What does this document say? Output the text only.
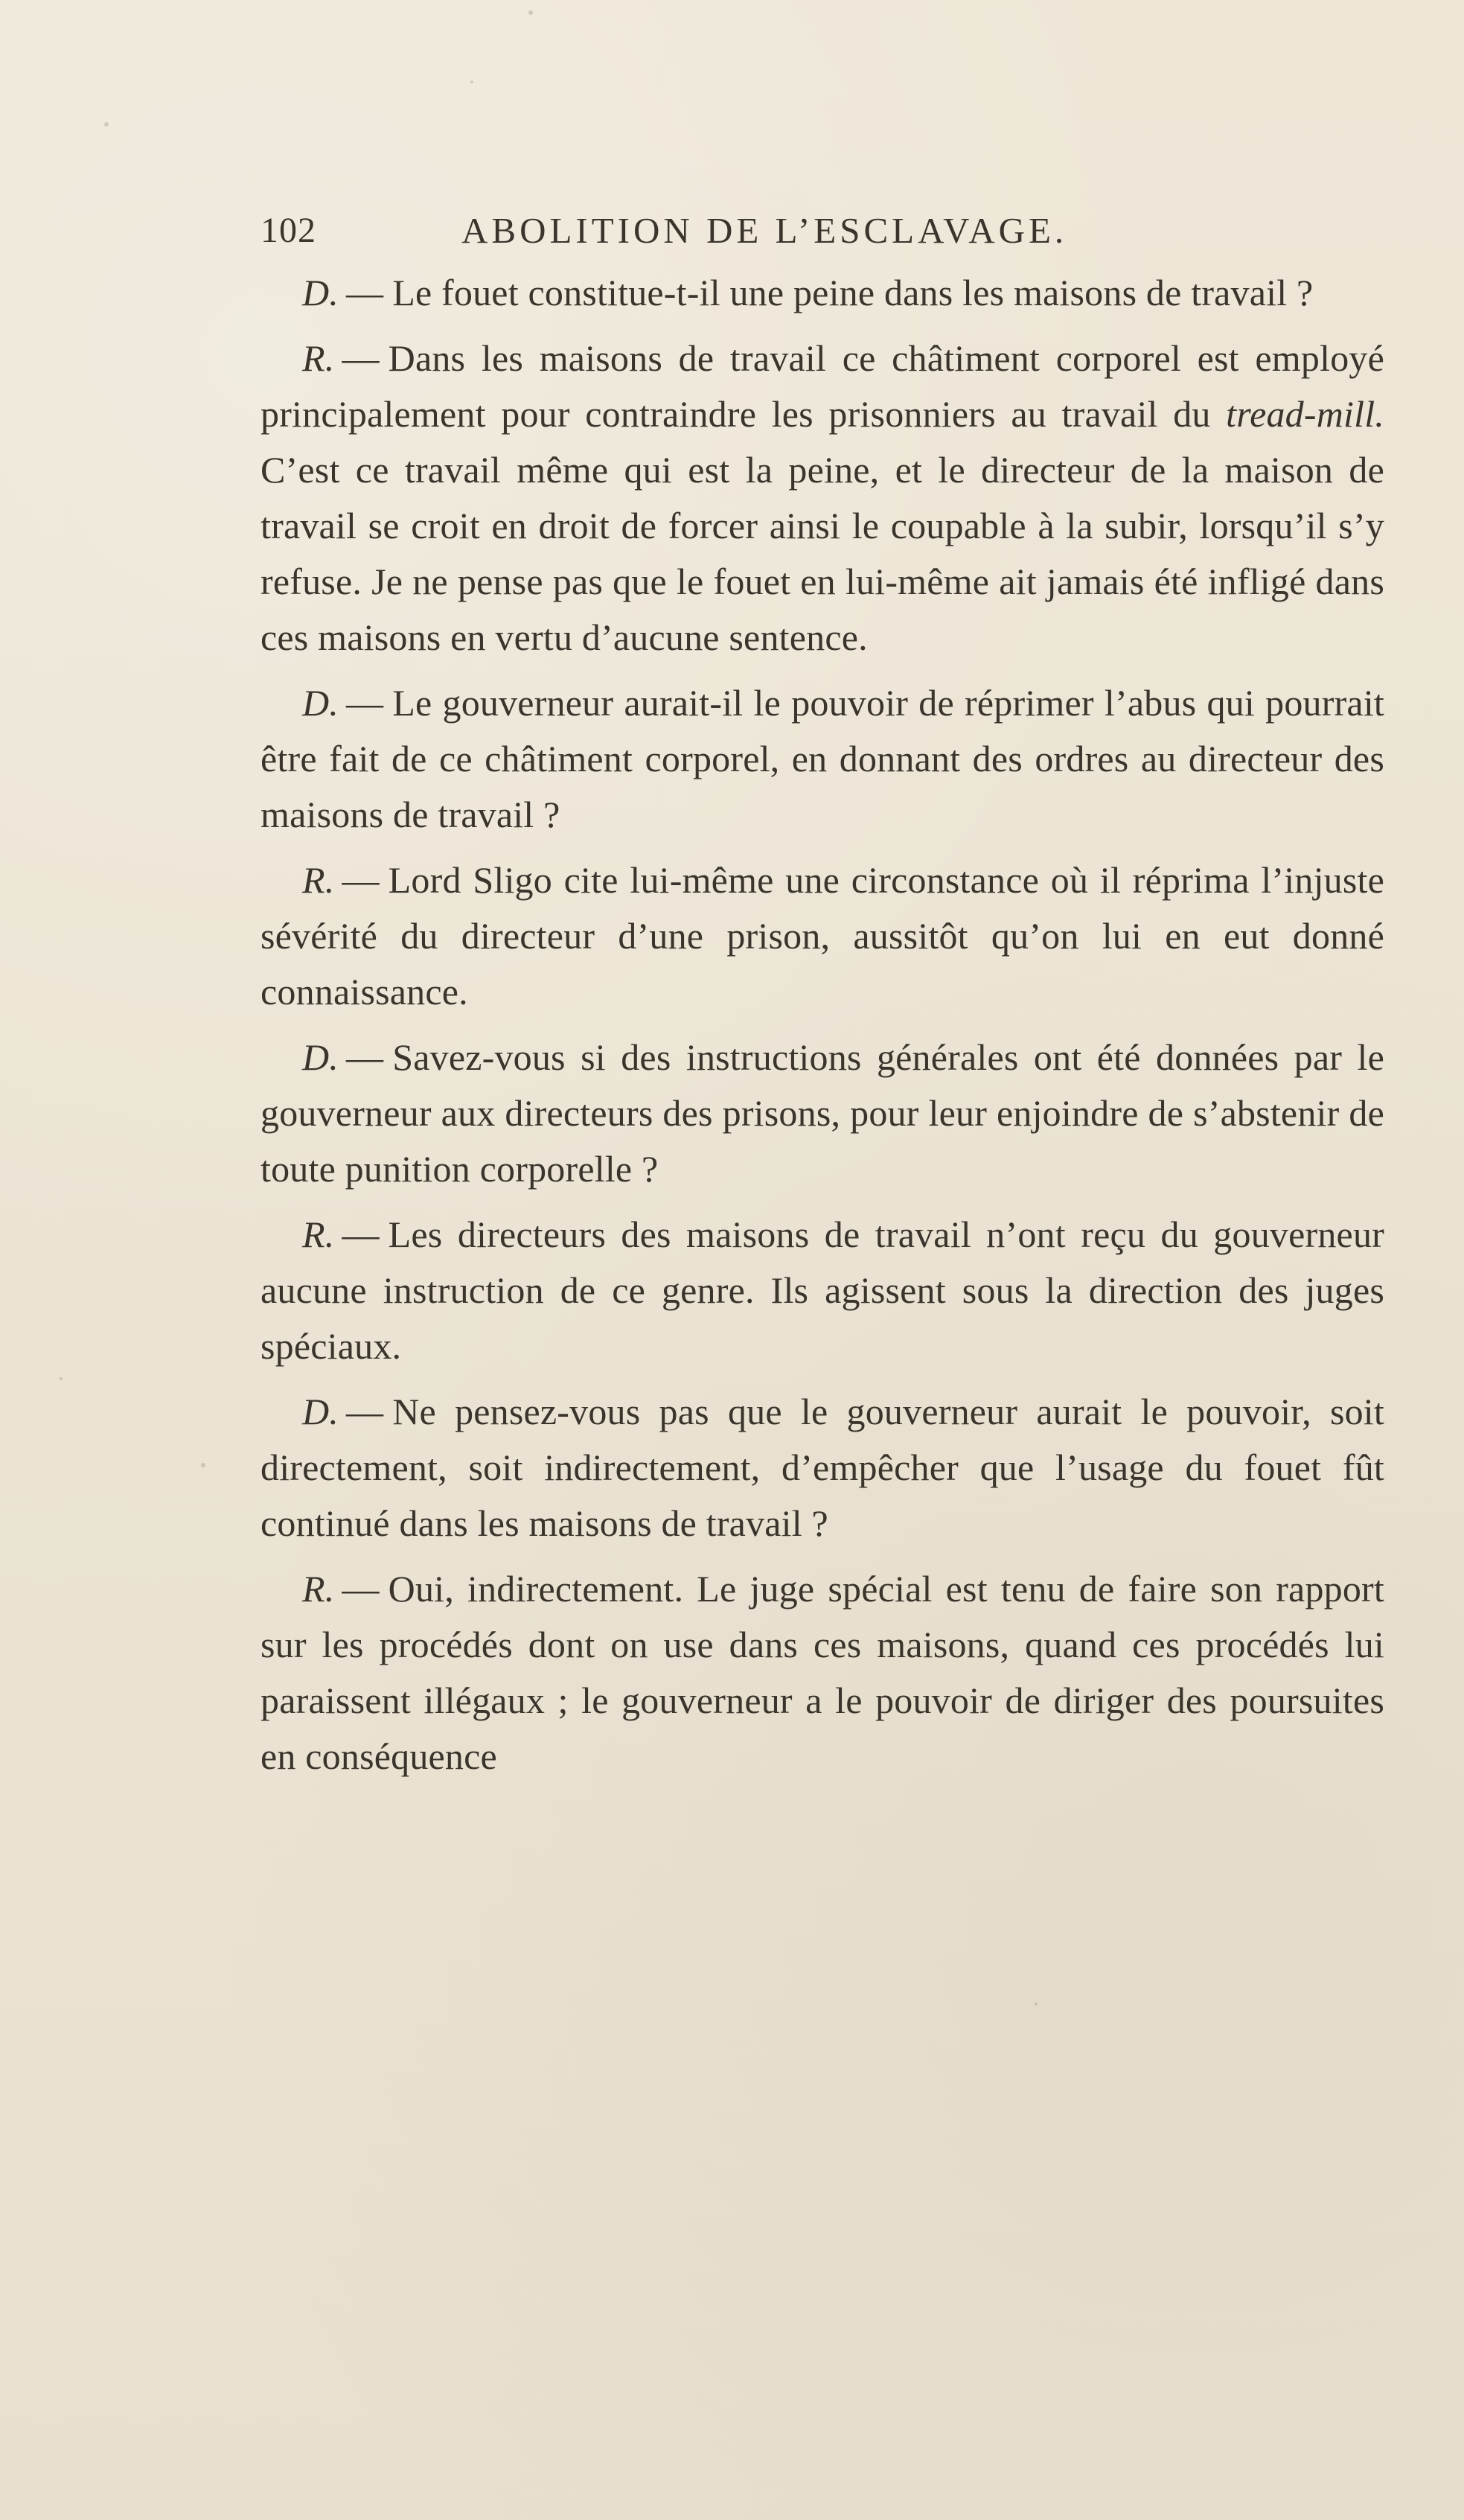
102	ABOLITION DE L’ESCLAVAGE.

D. — Le fouet constitue-t-il une peine dans les maisons de travail ?

R. — Dans les maisons de travail ce châtiment corporel est employé principalement pour contraindre les prisonniers au travail du tread-mill. C’est ce travail même qui est la peine, et le directeur de la maison de travail se croit en droit de forcer ainsi le coupable à la subir, lorsqu’il s’y refuse. Je ne pense pas que le fouet en lui-même ait jamais été infligé dans ces maisons en vertu d’aucune sentence.

D. — Le gouverneur aurait-il le pouvoir de réprimer l’abus qui pourrait être fait de ce châtiment corporel, en donnant des ordres au directeur des maisons de travail ?

R. — Lord Sligo cite lui-même une circonstance où il réprima l’injuste sévérité du directeur d’une prison, aussitôt qu’on lui en eut donné connaissance.

D. — Savez-vous si des instructions générales ont été données par le gouverneur aux directeurs des prisons, pour leur enjoindre de s’abstenir de toute punition corporelle ?

R. — Les directeurs des maisons de travail n’ont reçu du gouverneur aucune instruction de ce genre. Ils agissent sous la direction des juges spéciaux.

D. — Ne pensez-vous pas que le gouverneur aurait le pouvoir, soit directement, soit indirectement, d’empêcher que l’usage du fouet fût continué dans les maisons de travail ?

R. — Oui, indirectement. Le juge spécial est tenu de faire son rapport sur les procédés dont on use dans ces maisons, quand ces procédés lui paraissent illégaux ; le gouverneur a le pouvoir de diriger des poursuites en conséquence
